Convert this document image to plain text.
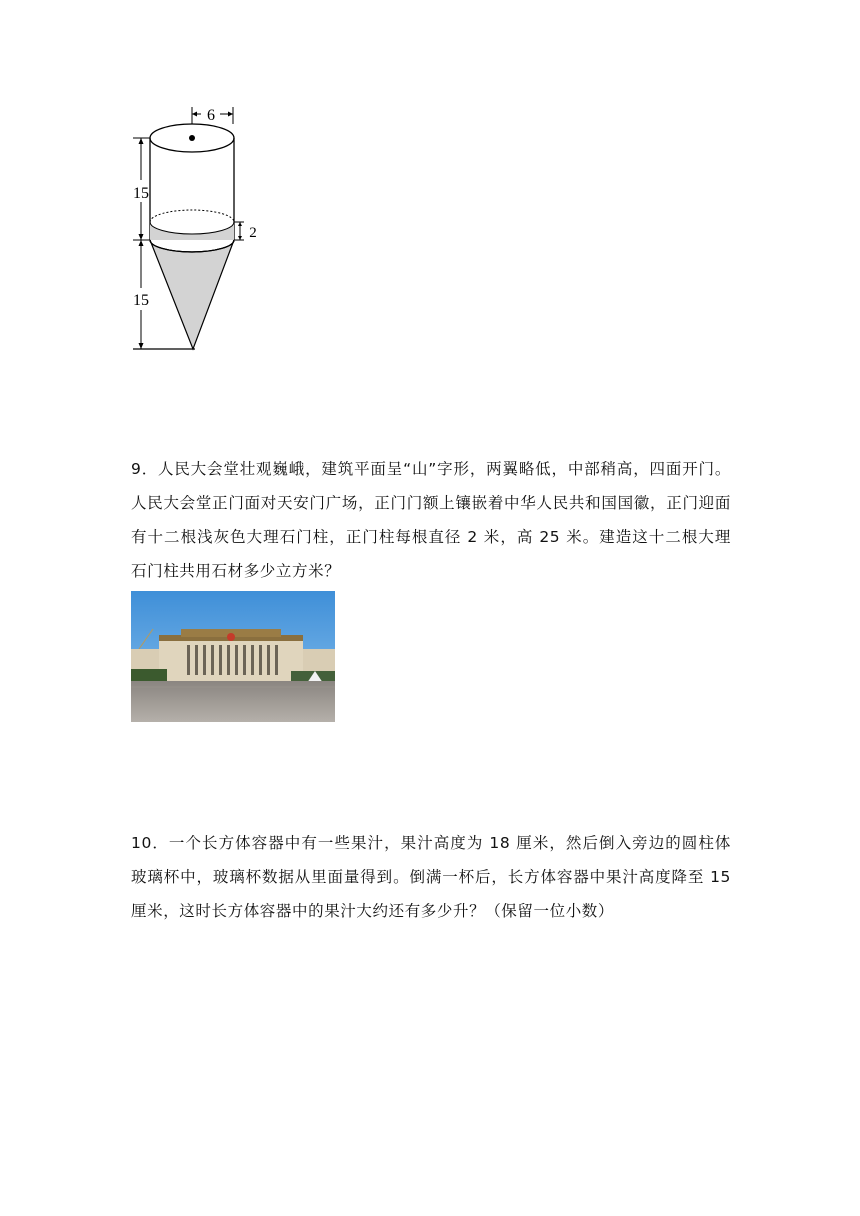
6
15
15
2
9．人民大会堂壮观巍峨，建筑平面呈“山”字形，两翼略低，中部稍高，四面开门。人民大会堂正门面对天安门广场，正门门额上镶嵌着中华人民共和国国徽，正门迎面有十二根浅灰色大理石门柱，正门柱每根直径 2 米，高 25 米。建造这十二根大理石门柱共用石材多少立方米？
10．一个长方体容器中有一些果汁，果汁高度为 18 厘米，然后倒入旁边的圆柱体玻璃杯中，玻璃杯数据从里面量得到。倒满一杯后，长方体容器中果汁高度降至 15 厘米，这时长方体容器中的果汁大约还有多少升？（保留一位小数）
